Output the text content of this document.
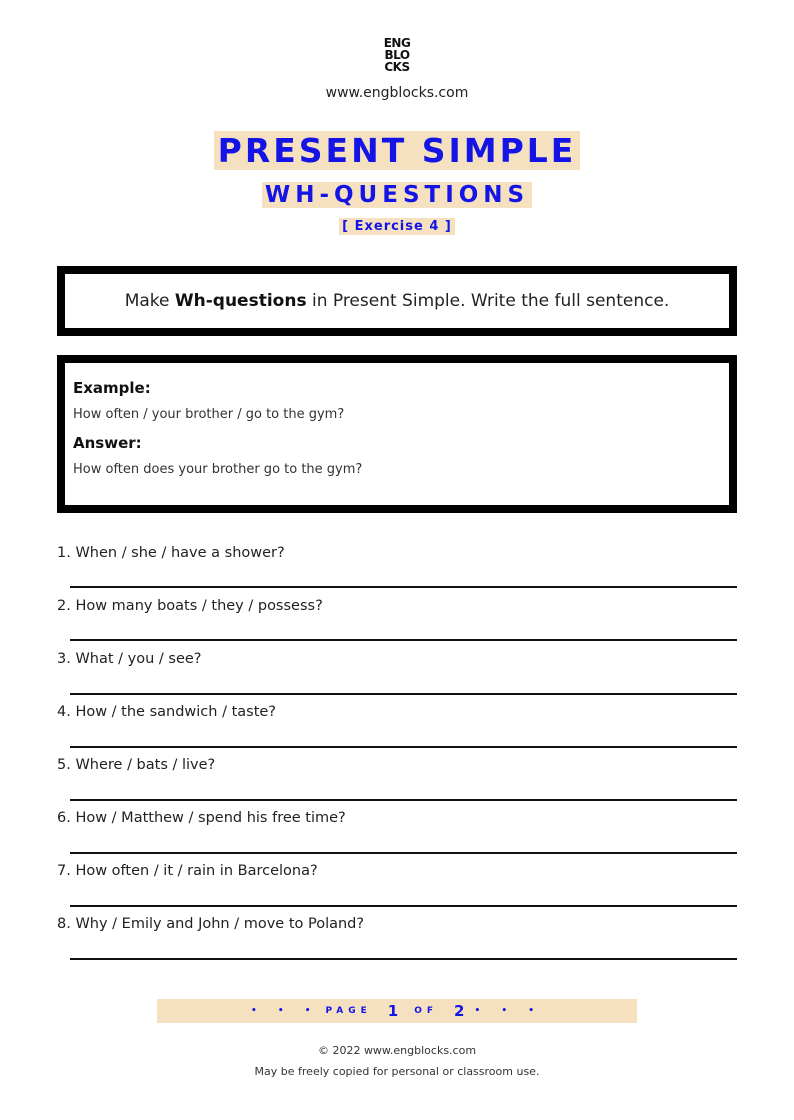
ENG
BLO
CKS
www.engblocks.com
PRESENT SIMPLE
WH-QUESTIONS
[ Exercise 4 ]
Make Wh-questions in Present Simple. Write the full sentence.
Example:
How often / your brother / go to the gym?
Answer:
How often does your brother go to the gym?
1. When / she / have a shower?
2. How many boats / they / possess?
3. What / you / see?
4. How / the sandwich / taste?
5. Where / bats / live?
6. How / Matthew / spend his free time?
7. How often / it / rain in Barcelona?
8. Why / Emily and John / move to Poland?
• • • PAGE 1 OF 2 • • •
© 2022 www.engblocks.com
May be freely copied for personal or classroom use.
